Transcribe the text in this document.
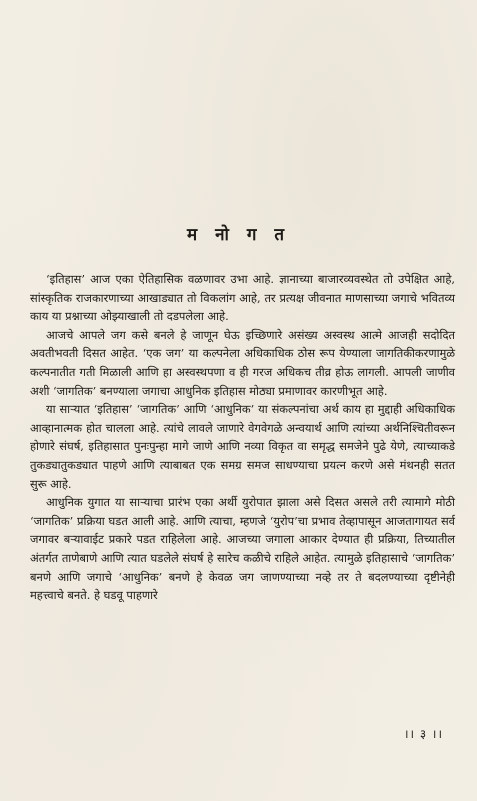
म नो ग त

‘इतिहास’ आज एका ऐतिहासिक वळणावर उभा आहे. ज्ञानाच्या बाजारव्यवस्थेत तो उपेक्षित आहे, सांस्कृतिक राजकारणाच्या आखाड्यात तो विकलांग आहे, तर प्रत्यक्ष जीवनात माणसाच्या जगाचे भवितव्य काय या प्रश्नाच्या ओझ्याखाली तो दडपलेला आहे.

आजचे आपले जग कसे बनले हे जाणून घेऊ इच्छिणारे असंख्य अस्वस्थ आत्मे आजही सदोदित अवतीभवती दिसत आहेत. ‘एक जग’ या कल्पनेला अधिकाधिक ठोस रूप येण्याला जागतिकीकरणामुळे कल्पनातीत गती मिळाली आणि हा अस्वस्थपणा व ही गरज अधिकच तीव्र होऊ लागली. आपली जाणीव अशी ‘जागतिक’ बनण्याला जगाचा आधुनिक इतिहास मोठ्या प्रमाणावर कारणीभूत आहे.

या साऱ्यात ‘इतिहास’ ‘जागतिक’ आणि ‘आधुनिक’ या संकल्पनांचा अर्थ काय हा मुद्दाही अधिकाधिक आव्हानात्मक होत चालला आहे. त्यांचे लावले जाणारे वेगवेगळे अन्वयार्थ आणि त्यांच्या अर्थनिश्चितीवरून होणारे संघर्ष, इतिहासात पुनःपुन्हा मागे जाणे आणि नव्या विकृत वा समृद्ध समजेने पुढे येणे, त्याच्याकडे तुकड्यातुकड्यात पाहणे आणि त्याबाबत एक समग्र समज साधण्याचा प्रयत्न करणे असे मंथनही सतत सुरू आहे.

आधुनिक युगात या साऱ्याचा प्रारंभ एका अर्थी युरोपात झाला असे दिसत असले तरी त्यामागे मोठी ‘जागतिक’ प्रक्रिया घडत आली आहे. आणि त्याचा, म्हणजे ‘युरोप’चा प्रभाव तेव्हापासून आजतागायत सर्व जगावर बऱ्यावाईट प्रकारे पडत राहिलेला आहे. आजच्या जगाला आकार देण्यात ही प्रक्रिया, तिच्यातील अंतर्गत ताणेबाणे आणि त्यात घडलेले संघर्ष हे सारेच कळीचे राहिले आहेत. त्यामुळे इतिहासाचे ‘जागतिक’ बनणे आणि जगाचे ‘आधुनिक’ बनणे हे केवळ जग जाणण्याच्या नव्हे तर ते बदलण्याच्या दृष्टीनेही महत्त्वाचे बनते. हे घडवू पाहणारे

।। ३ ।।
